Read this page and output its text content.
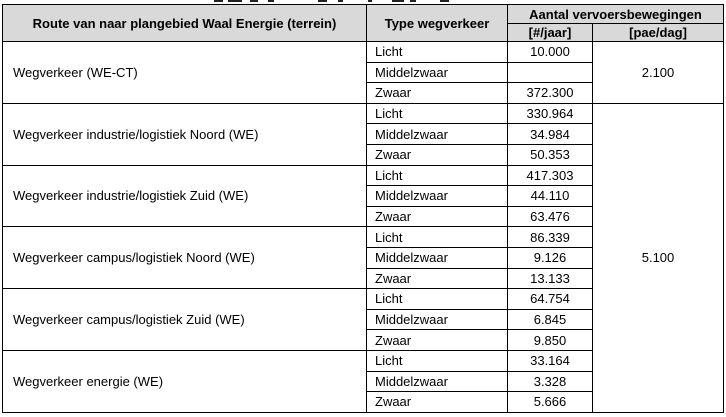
Route van naar plangebied Waal Energie (terrein)	Type wegverkeer	Aantal vervoersbewegingen		
		[#/jaar]	[pae/dag]	
Wegverkeer (WE-CT)	Licht	10.000	2.100	
	Middelzwaar			
	Zwaar	372.300		
Wegverkeer industrie/logistiek Noord (WE)	Licht	330.964	5.100	
	Middelzwaar	34.984		
	Zwaar	50.353		
Wegverkeer industrie/logistiek Zuid (WE)	Licht	417.303		
	Middelzwaar	44.110		
	Zwaar	63.476		
Wegverkeer campus/logistiek Noord (WE)	Licht	86.339		
	Middelzwaar	9.126		
	Zwaar	13.133		
Wegverkeer campus/logistiek Zuid (WE)	Licht	64.754		
	Middelzwaar	6.845		
	Zwaar	9.850		
Wegverkeer energie (WE)	Licht	33.164		
	Middelzwaar	3.328		
	Zwaar	5.666		
